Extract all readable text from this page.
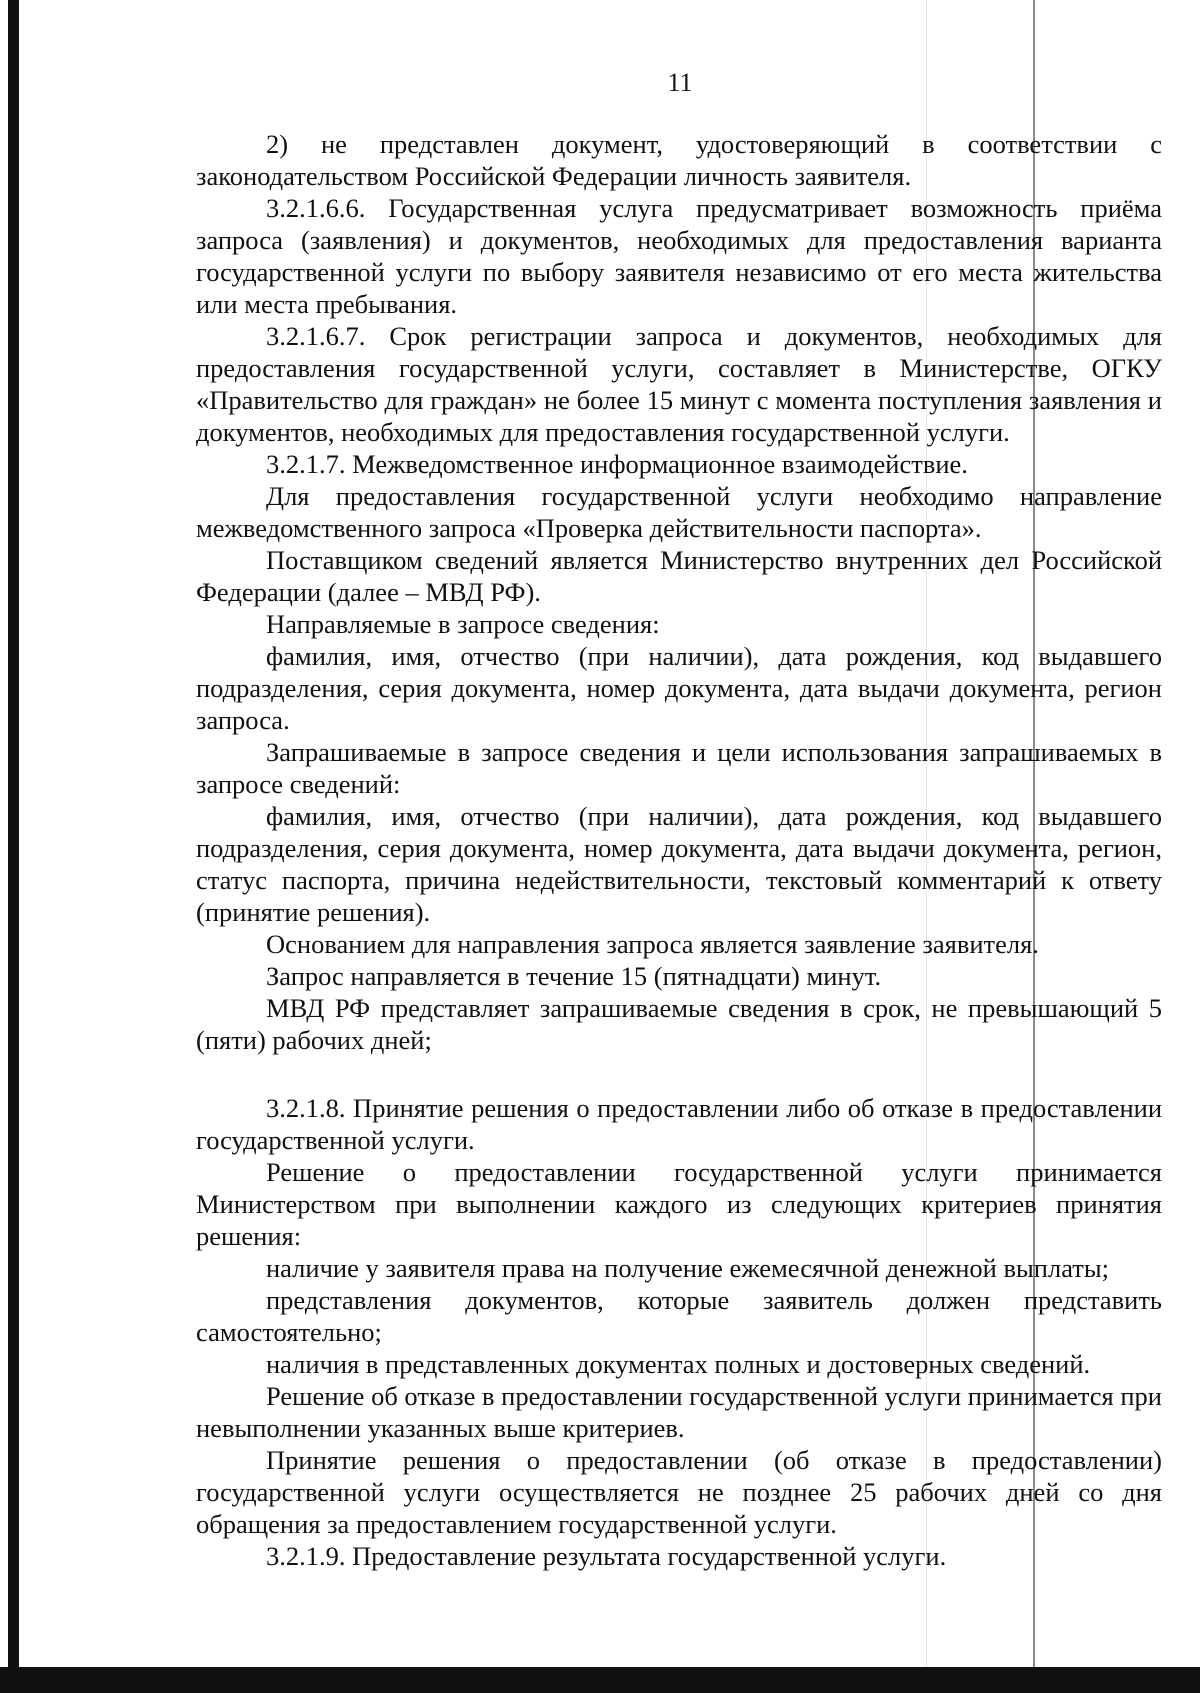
11

2) не представлен документ, удостоверяющий в соответствии с законодательством Российской Федерации личность заявителя.

3.2.1.6.6. Государственная услуга предусматривает возможность приёма запроса (заявления) и документов, необходимых для предоставления варианта государственной услуги по выбору заявителя независимо от его места жительства или места пребывания.

3.2.1.6.7. Срок регистрации запроса и документов, необходимых для предоставления государственной услуги, составляет в Министерстве, ОГКУ «Правительство для граждан» не более 15 минут с момента поступления заявления и документов, необходимых для предоставления государственной услуги.

3.2.1.7. Межведомственное информационное взаимодействие.

Для предоставления государственной услуги необходимо направление межведомственного запроса «Проверка действительности паспорта».

Поставщиком сведений является Министерство внутренних дел Российской Федерации (далее – МВД РФ).

Направляемые в запросе сведения:

фамилия, имя, отчество (при наличии), дата рождения, код выдавшего подразделения, серия документа, номер документа, дата выдачи документа, регион запроса.

Запрашиваемые в запросе сведения и цели использования запрашиваемых в запросе сведений:

фамилия, имя, отчество (при наличии), дата рождения, код выдавшего подразделения, серия документа, номер документа, дата выдачи документа, регион, статус паспорта, причина недействительности, текстовый комментарий к ответу (принятие решения).

Основанием для направления запроса является заявление заявителя.

Запрос направляется в течение 15 (пятнадцати) минут.

МВД РФ представляет запрашиваемые сведения в срок, не превышающий 5 (пяти) рабочих дней;

3.2.1.8. Принятие решения о предоставлении либо об отказе в предоставлении государственной услуги.

Решение о предоставлении государственной услуги принимается Министерством при выполнении каждого из следующих критериев принятия решения:

наличие у заявителя права на получение ежемесячной денежной выплаты;

представления документов, которые заявитель должен представить самостоятельно;

наличия в представленных документах полных и достоверных сведений.

Решение об отказе в предоставлении государственной услуги принимается при невыполнении указанных выше критериев.

Принятие решения о предоставлении (об отказе в предоставлении) государственной услуги осуществляется не позднее 25 рабочих дней со дня обращения за предоставлением государственной услуги.

3.2.1.9. Предоставление результата государственной услуги.
